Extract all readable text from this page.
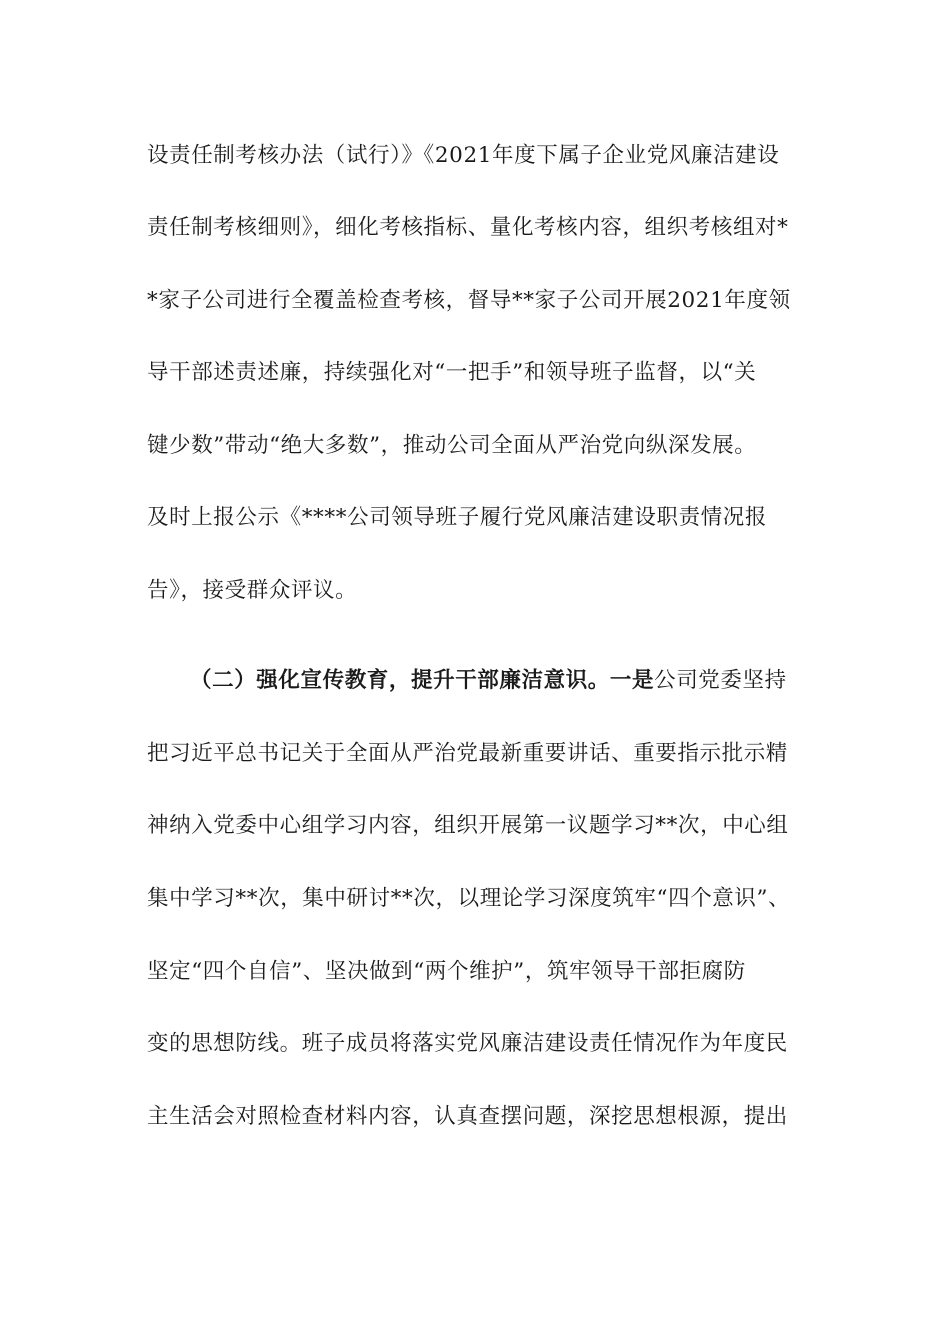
设责任制考核办法（试行）》《2021年度下属子企业党风廉洁建设
责任制考核细则》，细化考核指标、量化考核内容，组织考核组对*
*家子公司进行全覆盖检查考核，督导**家子公司开展2021年度领
导干部述责述廉，持续强化对“一把手”和领导班子监督，以“关
键少数”带动“绝大多数”，推动公司全面从严治党向纵深发展。
及时上报公示《****公司领导班子履行党风廉洁建设职责情况报
告》，接受群众评议。
（二）强化宣传教育，提升干部廉洁意识。一是公司党委坚持
把习近平总书记关于全面从严治党最新重要讲话、重要指示批示精
神纳入党委中心组学习内容，组织开展第一议题学习**次，中心组
集中学习**次，集中研讨**次，以理论学习深度筑牢“四个意识”、
坚定“四个自信”、坚决做到“两个维护”，筑牢领导干部拒腐防
变的思想防线。班子成员将落实党风廉洁建设责任情况作为年度民
主生活会对照检查材料内容，认真查摆问题，深挖思想根源，提出
